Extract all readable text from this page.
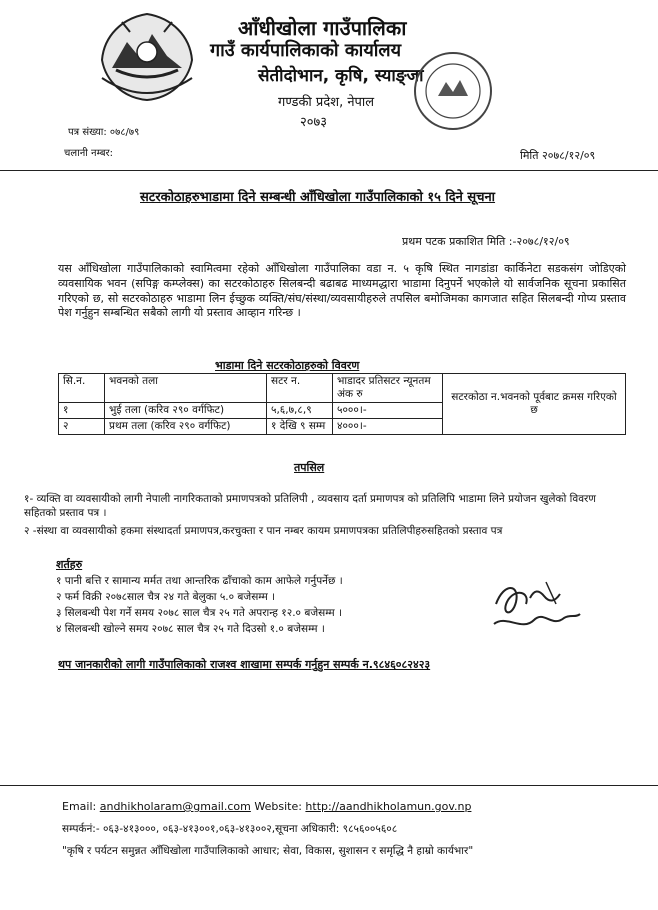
आँधीखोला गाउँपालिका
गाउँ कार्यपालिकाको कार्यालय
सेतीदोभान, कृषि, स्याङ्जा
गण्डकी प्रदेश, नेपाल
२०७३
पत्र संख्या: ०७८/७९
चलानी नम्बर:	मिति २०७८/१२/०९
सटरकोठाहरुभाडामा दिने सम्बन्धी आँधिखोला गाउँपालिकाको १५ दिने सूचना
प्रथम पटक प्रकाशित मिति :-२०७८/१२/०९
यस आँधिखोला गाउँपालिकाको स्वामित्वमा रहेको आँधिखोला गाउँपालिका वडा न. ५ कृषि स्थित नागडांडा कार्किनेटा सडकसंग जोडिएको व्यवसायिक भवन (सपिङ्ग कम्प्लेक्स) का सटरकोठाहरु सिलबन्दी बढाबढ माध्यमद्धारा भाडामा दिनुपर्ने भएकोले यो सार्वजनिक सूचना प्रकासित गरिएको छ, सो सटरकोठाहरु भाडामा लिन ईच्छुक व्यक्ति/संघ/संस्था/व्यवसायीहरुले तपसिल बमोजिमका कागजात सहित सिलबन्दी गोप्य प्रस्ताव पेश गर्नुहुन सम्बन्धित सबैको लागी यो प्रस्ताव आव्हान गरिन्छ ।
भाडामा दिने सटरकोठाहरुको विवरण
सि.न.	भवनको तला	सटर न.	भाडादर प्रतिसटर न्यूनतम अंक रु	सटरकोठा न.भवनको पूर्वबाट क्रमस गरिएको छ
१	भुई तला (करिव २९० वर्गफिट)	५,६,७,८,९	५०००।-	
२	प्रथम तला (करिव २९० वर्गफिट)	१ देखि ९ सम्म	४०००।-	
तपसिल
१- व्यक्ति वा व्यवसायीको लागी नेपाली नागरिकताको प्रमाणपत्रको प्रतिलिपी , व्यवसाय दर्ता प्रमाणपत्र को प्रतिलिपि भाडामा लिने प्रयोजन खुलेको विवरण सहितको प्रस्ताव पत्र ।
२ -संस्था वा व्यवसायीको हकमा संस्थादर्ता प्रमाणपत्र,करचुक्ता र पान नम्बर कायम प्रमाणपत्रका प्रतिलिपीहरुसहितको प्रस्ताव पत्र
शर्तहरु
१ पानी बत्ति र सामान्य मर्मत तथा आन्तरिक ढाँचाको काम आफेले गर्नुपर्नेछ ।
२ फर्म विक्री २०७८साल चैत्र २४ गते बेलुका ५.० बजेसम्म ।
३ सिलबन्धी पेश गर्ने समय २०७८ साल चैत्र २५ गते अपरान्ह १२.० बजेसम्म ।
४ सिलबन्धी खोल्ने समय २०७८ साल चैत्र २५ गते दिउसो १.० बजेसम्म ।
थप जानकारीको लागी गाउँपालिकाको राजश्व शाखामा सम्पर्क गर्नुहुन सम्पर्क न.९८४६०८२४२३
Email: andhikholaram@gmail.com Website: http://aandhikholamun.gov.np
सम्पर्कनं:- ०६३-४१३०००, ०६३-४१३००१,०६३-४१३००२,सूचना अधिकारी: ९८५६००५६०८
"कृषि र पर्यटन समुन्नत आँधिखोला गाउँपालिकाको आधार; सेवा, विकास, सुशासन र समृद्धि नै हाम्रो कार्यभार"
